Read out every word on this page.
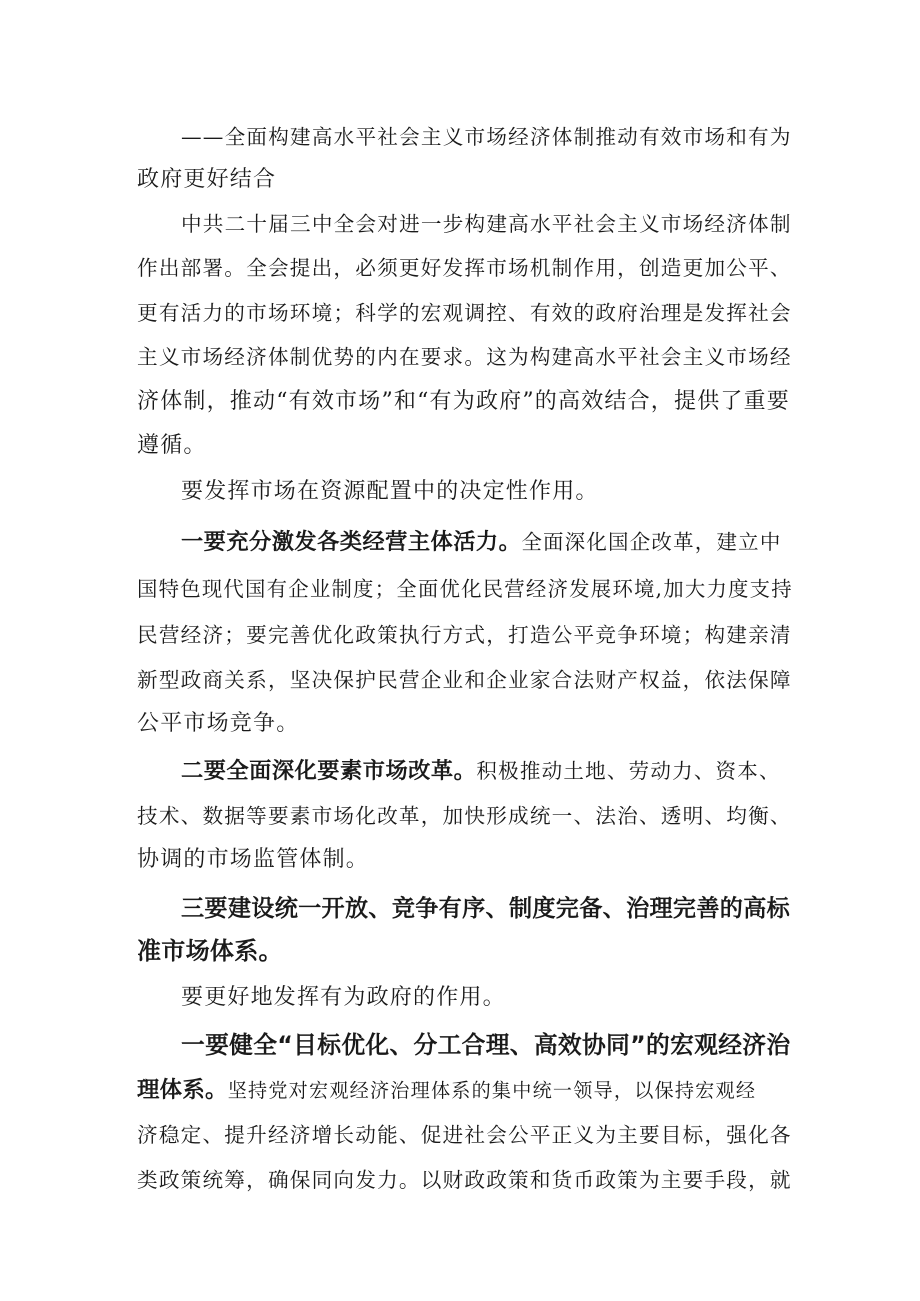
——全面构建高水平社会主义市场经济体制推动有效市场和有为
政府更好结合
中共二十届三中全会对进一步构建高水平社会主义市场经济体制
作出部署。全会提出，必须更好发挥市场机制作用，创造更加公平、
更有活力的市场环境；科学的宏观调控、有效的政府治理是发挥社会
主义市场经济体制优势的内在要求。这为构建高水平社会主义市场经
济体制，推动“有效市场”和“有为政府”的高效结合，提供了重要
遵循。
要发挥市场在资源配置中的决定性作用。
一要充分激发各类经营主体活力。全面深化国企改革，建立中
国特色现代国有企业制度；全面优化民营经济发展环境,加大力度支持
民营经济；要完善优化政策执行方式，打造公平竞争环境；构建亲清
新型政商关系，坚决保护民营企业和企业家合法财产权益，依法保障
公平市场竞争。
二要全面深化要素市场改革。积极推动土地、劳动力、资本、
技术、数据等要素市场化改革，加快形成统一、法治、透明、均衡、
协调的市场监管体制。
三要建设统一开放、竞争有序、制度完备、治理完善的高标
准市场体系。
要更好地发挥有为政府的作用。
一要健全“目标优化、分工合理、高效协同”的宏观经济治
理体系。坚持党对宏观经济治理体系的集中统一领导，以保持宏观经
济稳定、提升经济增长动能、促进社会公平正义为主要目标，强化各
类政策统筹，确保同向发力。以财政政策和货币政策为主要手段，就
